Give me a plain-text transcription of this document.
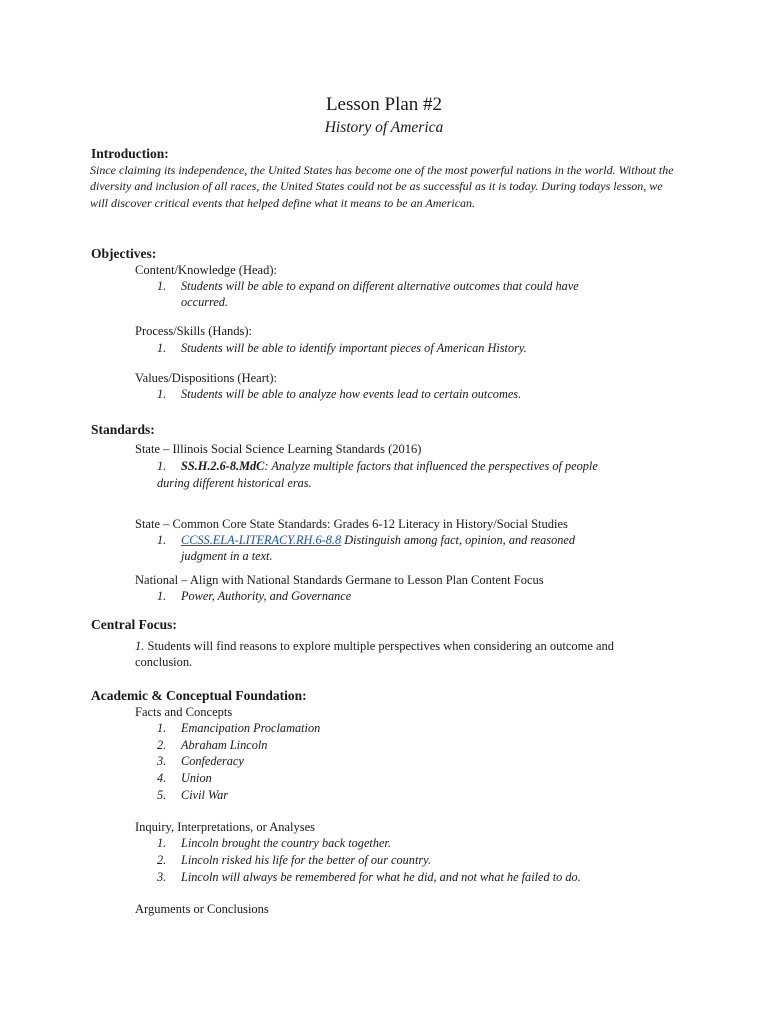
Lesson Plan #2
History of America
Introduction:
Since claiming its independence, the United States has become one of the most powerful nations in the world. Without the diversity and inclusion of all races, the United States could not be as successful as it is today. During todays lesson, we will discover critical events that helped define what it means to be an American.
Objectives:
Content/Knowledge (Head):
1. Students will be able to expand on different alternative outcomes that could have
occurred.
Process/Skills (Hands):
1. Students will be able to identify important pieces of American History.
Values/Dispositions (Heart):
1. Students will be able to analyze how events lead to certain outcomes.
Standards:
State – Illinois Social Science Learning Standards (2016)
1. SS.H.2.6-8.MdC: Analyze multiple factors that influenced the perspectives of people
during different historical eras.
State – Common Core State Standards: Grades 6-12 Literacy in History/Social Studies
1. CCSS.ELA-LITERACY.RH.6-8.8 Distinguish among fact, opinion, and reasoned
judgment in a text.
National – Align with National Standards Germane to Lesson Plan Content Focus
1. Power, Authority, and Governance
Central Focus:
1. Students will find reasons to explore multiple perspectives when considering an outcome and
conclusion.
Academic & Conceptual Foundation:
Facts and Concepts
1. Emancipation Proclamation
2. Abraham Lincoln
3. Confederacy
4. Union
5. Civil War
Inquiry, Interpretations, or Analyses
1. Lincoln brought the country back together.
2. Lincoln risked his life for the better of our country.
3. Lincoln will always be remembered for what he did, and not what he failed to do.
Arguments or Conclusions
